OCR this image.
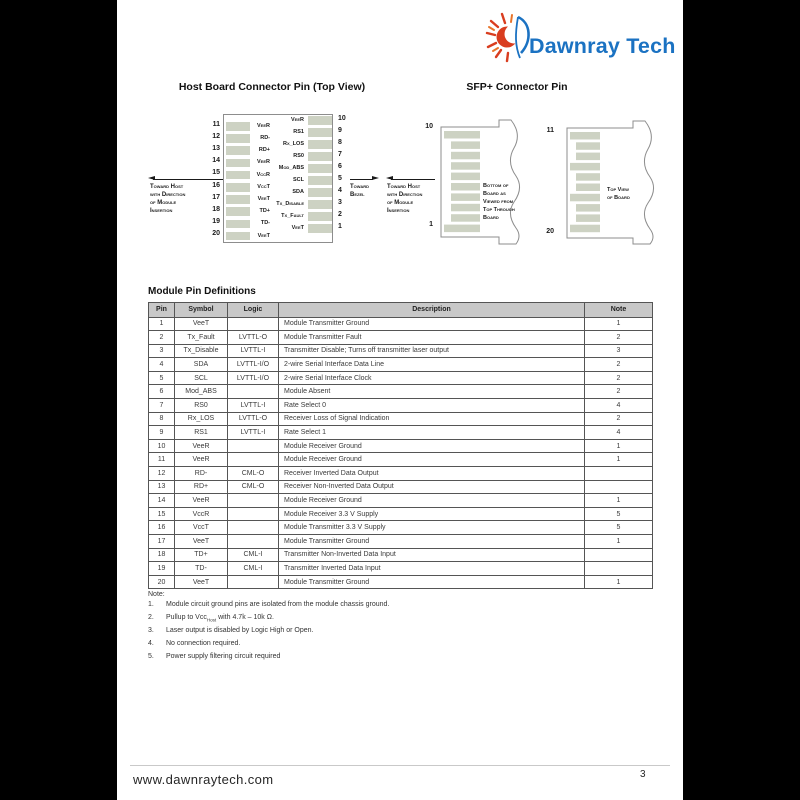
Dawnray Tech
Host Board Connector Pin (Top View)	SFP+ Connector Pin
VeeR
RD-
RD+
VeeR
VccR
VccT
VeeT
TD+
TD-
VeeT
VeeR
RS1
Rx_LOS
RS0
Mod_ABS
SCL
SDA
Tx_Disable
Tx_Fault
VeeT
Toward Host
with Direction
of Module
Insertion
Toward
Bezel
Toward Host
with Direction
of Module
Insertion
10
1
Bottom of
Board as
Viewed from
Top Through
Board
11
20
Top View
of Board
11
12
13
14
15
16
17
18
19
20
10
9
8
7
6
5
4
3
2
1
Module Pin Definitions
Pin	Symbol	Logic	Description	Note
1	VeeT		Module Transmitter Ground	1
2	Tx_Fault	LVTTL-O	Module Transmitter Fault	2
3	Tx_Disable	LVTTL-I	Transmitter Disable; Turns off transmitter laser output	3
4	SDA	LVTTL-I/O	2-wire Serial Interface Data Line	2
5	SCL	LVTTL-I/O	2-wire Serial Interface Clock	2
6	Mod_ABS		Module Absent	2
7	RS0	LVTTL-I	Rate Select 0	4
8	Rx_LOS	LVTTL-O	Receiver Loss of Signal Indication	2
9	RS1	LVTTL-I	Rate Select 1	4
10	VeeR		Module Receiver Ground	1
11	VeeR		Module Receiver Ground	1
12	RD-	CML-O	Receiver Inverted Data Output	
13	RD+	CML-O	Receiver Non-Inverted Data Output	
14	VeeR		Module Receiver Ground	1
15	VccR		Module Receiver 3.3 V Supply	5
16	VccT		Module Transmitter 3.3 V Supply	5
17	VeeT		Module Transmitter Ground	1
18	TD+	CML-I	Transmitter Non-Inverted Data Input	
19	TD-	CML-I	Transmitter Inverted Data Input	
20	VeeT		Module Transmitter Ground	1
Note:
1.	Module circuit ground pins are isolated from the module chassis ground.
2.	Pullup to Vcc$_{Host}$ with 4.7k – 10k Ω.
3.	Laser output is disabled by Logic High or Open.
4.	No connection required.
5.	Power supply filtering circuit required
www.dawnraytech.com	3
